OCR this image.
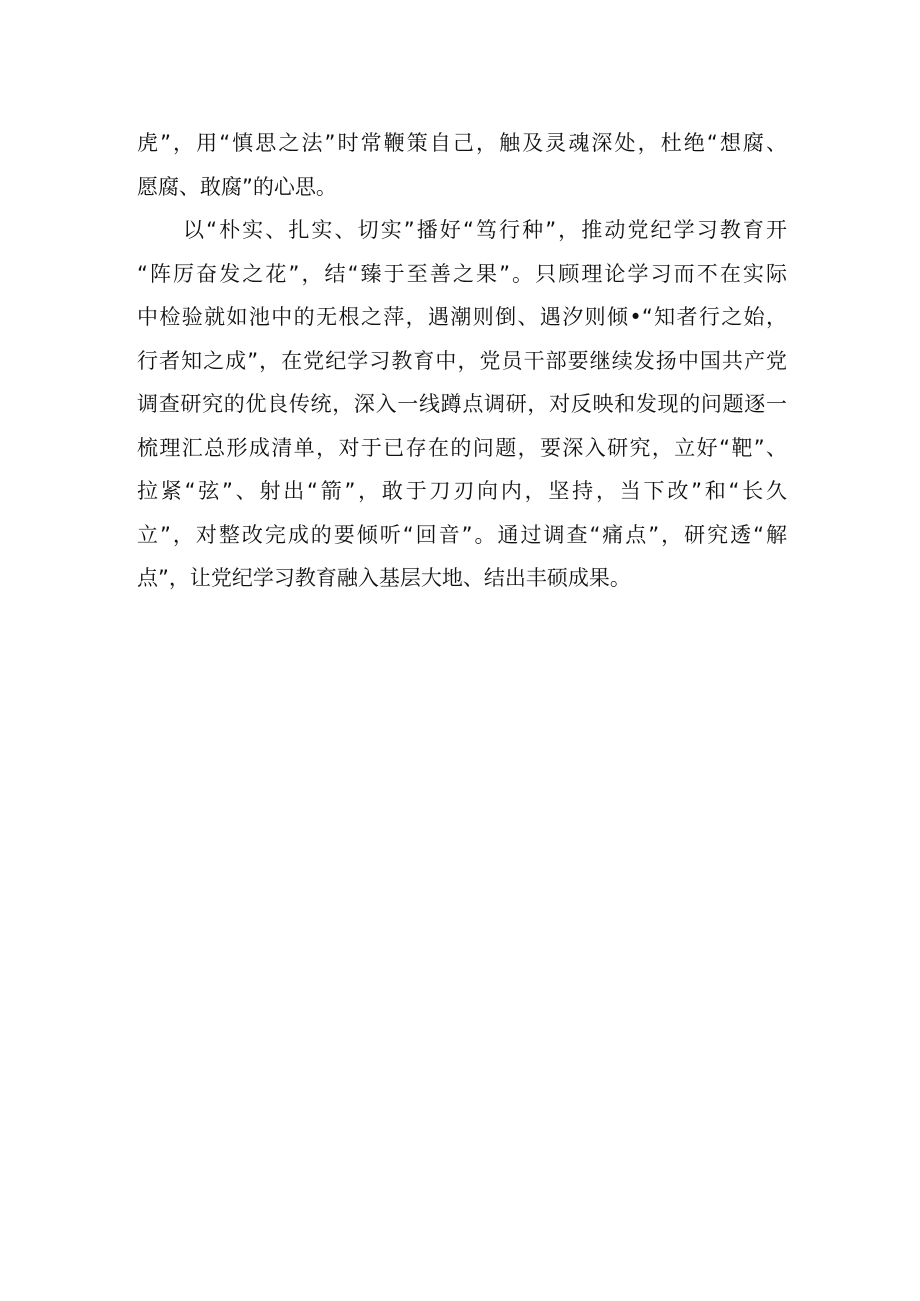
虎”，用“慎思之法”时常鞭策自己，触及灵魂深处，杜绝“想腐、
愿腐、敢腐”的心思。
以“朴实、扎实、切实”播好“笃行种”，推动党纪学习教育开
“阵厉奋发之花”，结“臻于至善之果”。只顾理论学习而不在实际
中检验就如池中的无根之萍，遇潮则倒、遇汐则倾•“知者行之始，
行者知之成”，在党纪学习教育中，党员干部要继续发扬中国共产党
调查研究的优良传统，深入一线蹲点调研，对反映和发现的问题逐一
梳理汇总形成清单，对于已存在的问题，要深入研究，立好“靶”、
拉紧“弦”、射出“箭”，敢于刀刃向内，坚持，当下改”和“长久
立”，对整改完成的要倾听“回音”。通过调查“痛点”，研究透“解
点”，让党纪学习教育融入基层大地、结出丰硕成果。
